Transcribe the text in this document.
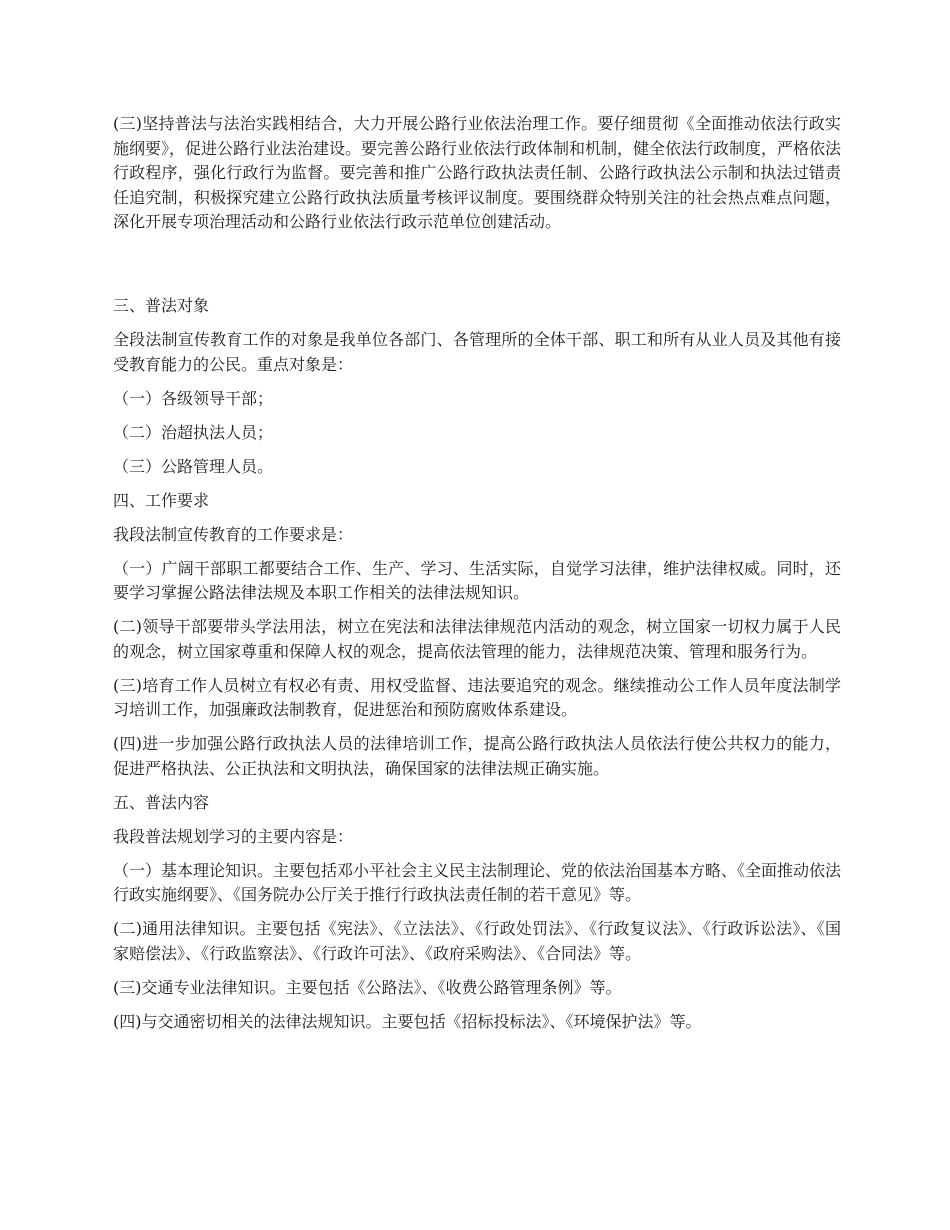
(三)坚持普法与法治实践相结合，大力开展公路行业依法治理工作。要仔细贯彻《全面推动依法行政实施纲要》，促进公路行业法治建设。要完善公路行业依法行政体制和机制，健全依法行政制度，严格依法行政程序，强化行政行为监督。要完善和推广公路行政执法责任制、公路行政执法公示制和执法过错责任追究制，积极探究建立公路行政执法质量考核评议制度。要围绕群众特别关注的社会热点难点问题，深化开展专项治理活动和公路行业依法行政示范单位创建活动。

三、普法对象

全段法制宣传教育工作的对象是我单位各部门、各管理所的全体干部、职工和所有从业人员及其他有接受教育能力的公民。重点对象是：

（一）各级领导干部；

（二）治超执法人员；

（三）公路管理人员。

四、工作要求

我段法制宣传教育的工作要求是：

（一）广阔干部职工都要结合工作、生产、学习、生活实际，自觉学习法律，维护法律权威。同时，还要学习掌握公路法律法规及本职工作相关的法律法规知识。

(二)领导干部要带头学法用法，树立在宪法和法律法律规范内活动的观念，树立国家一切权力属于人民的观念，树立国家尊重和保障人权的观念，提高依法管理的能力，法律规范决策、管理和服务行为。

(三)培育工作人员树立有权必有责、用权受监督、违法要追究的观念。继续推动公工作人员年度法制学习培训工作，加强廉政法制教育，促进惩治和预防腐败体系建设。

(四)进一步加强公路行政执法人员的法律培训工作，提高公路行政执法人员依法行使公共权力的能力，促进严格执法、公正执法和文明执法，确保国家的法律法规正确实施。

五、普法内容

我段普法规划学习的主要内容是：

（一）基本理论知识。主要包括邓小平社会主义民主法制理论、党的依法治国基本方略、《全面推动依法行政实施纲要》、《国务院办公厅关于推行行政执法责任制的若干意见》等。

(二)通用法律知识。主要包括《宪法》、《立法法》、《行政处罚法》、《行政复议法》、《行政诉讼法》、《国家赔偿法》、《行政监察法》、《行政许可法》、《政府采购法》、《合同法》等。

(三)交通专业法律知识。主要包括《公路法》、《收费公路管理条例》等。

(四)与交通密切相关的法律法规知识。主要包括《招标投标法》、《环境保护法》等。
